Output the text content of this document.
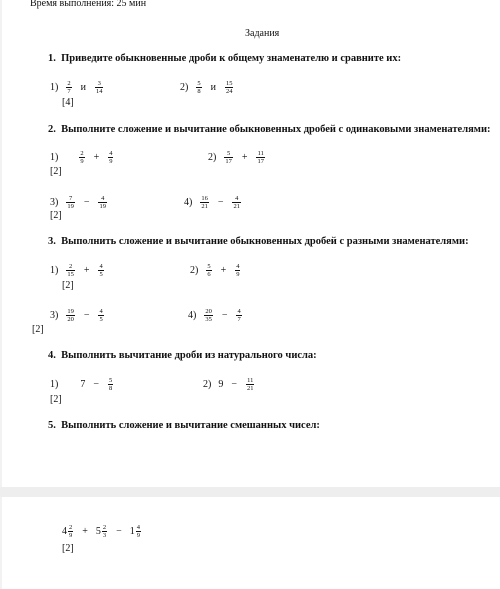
Время выполнения: 25 мин
Задания
1. Приведите обыкновенные дроби к общему знаменателю и сравните их:
$1) \frac{2}{7}$ и $\frac{3}{14}$	$2) \frac{5}{8}$ и $\frac{15}{24}$
[4]
2. Выполните сложение и вычитание обыкновенных дробей с одинаковыми знаменателями:
1)	$\frac{2}{9} + \frac{4}{9}$	$2) \frac{5}{17} + \frac{11}{17}$
[2]
$3) \frac{7}{19} - \frac{4}{19}$	$4) \frac{16}{21} - \frac{4}{21}$
[2]
3. Выполнить сложение и вычитание обыкновенных дробей с разными знаменателями:
$1) \frac{2}{15} + \frac{4}{5}$	$2) \frac{5}{6} + \frac{4}{9}$
[2]
$3) \frac{19}{20} - \frac{4}{5}$	$4) \frac{20}{35} - \frac{4}{7}$
[2]
4. Выполнить вычитание дроби из натурального числа:
1) $7 - \frac{5}{8}$	2) $9 - \frac{11}{21}$
[2]
5. Выполнить сложение и вычитание смешанных чисел:
$4 \frac{2}{9} + 5 \frac{2}{3} - 1 \frac{4}{9}$
[2]
